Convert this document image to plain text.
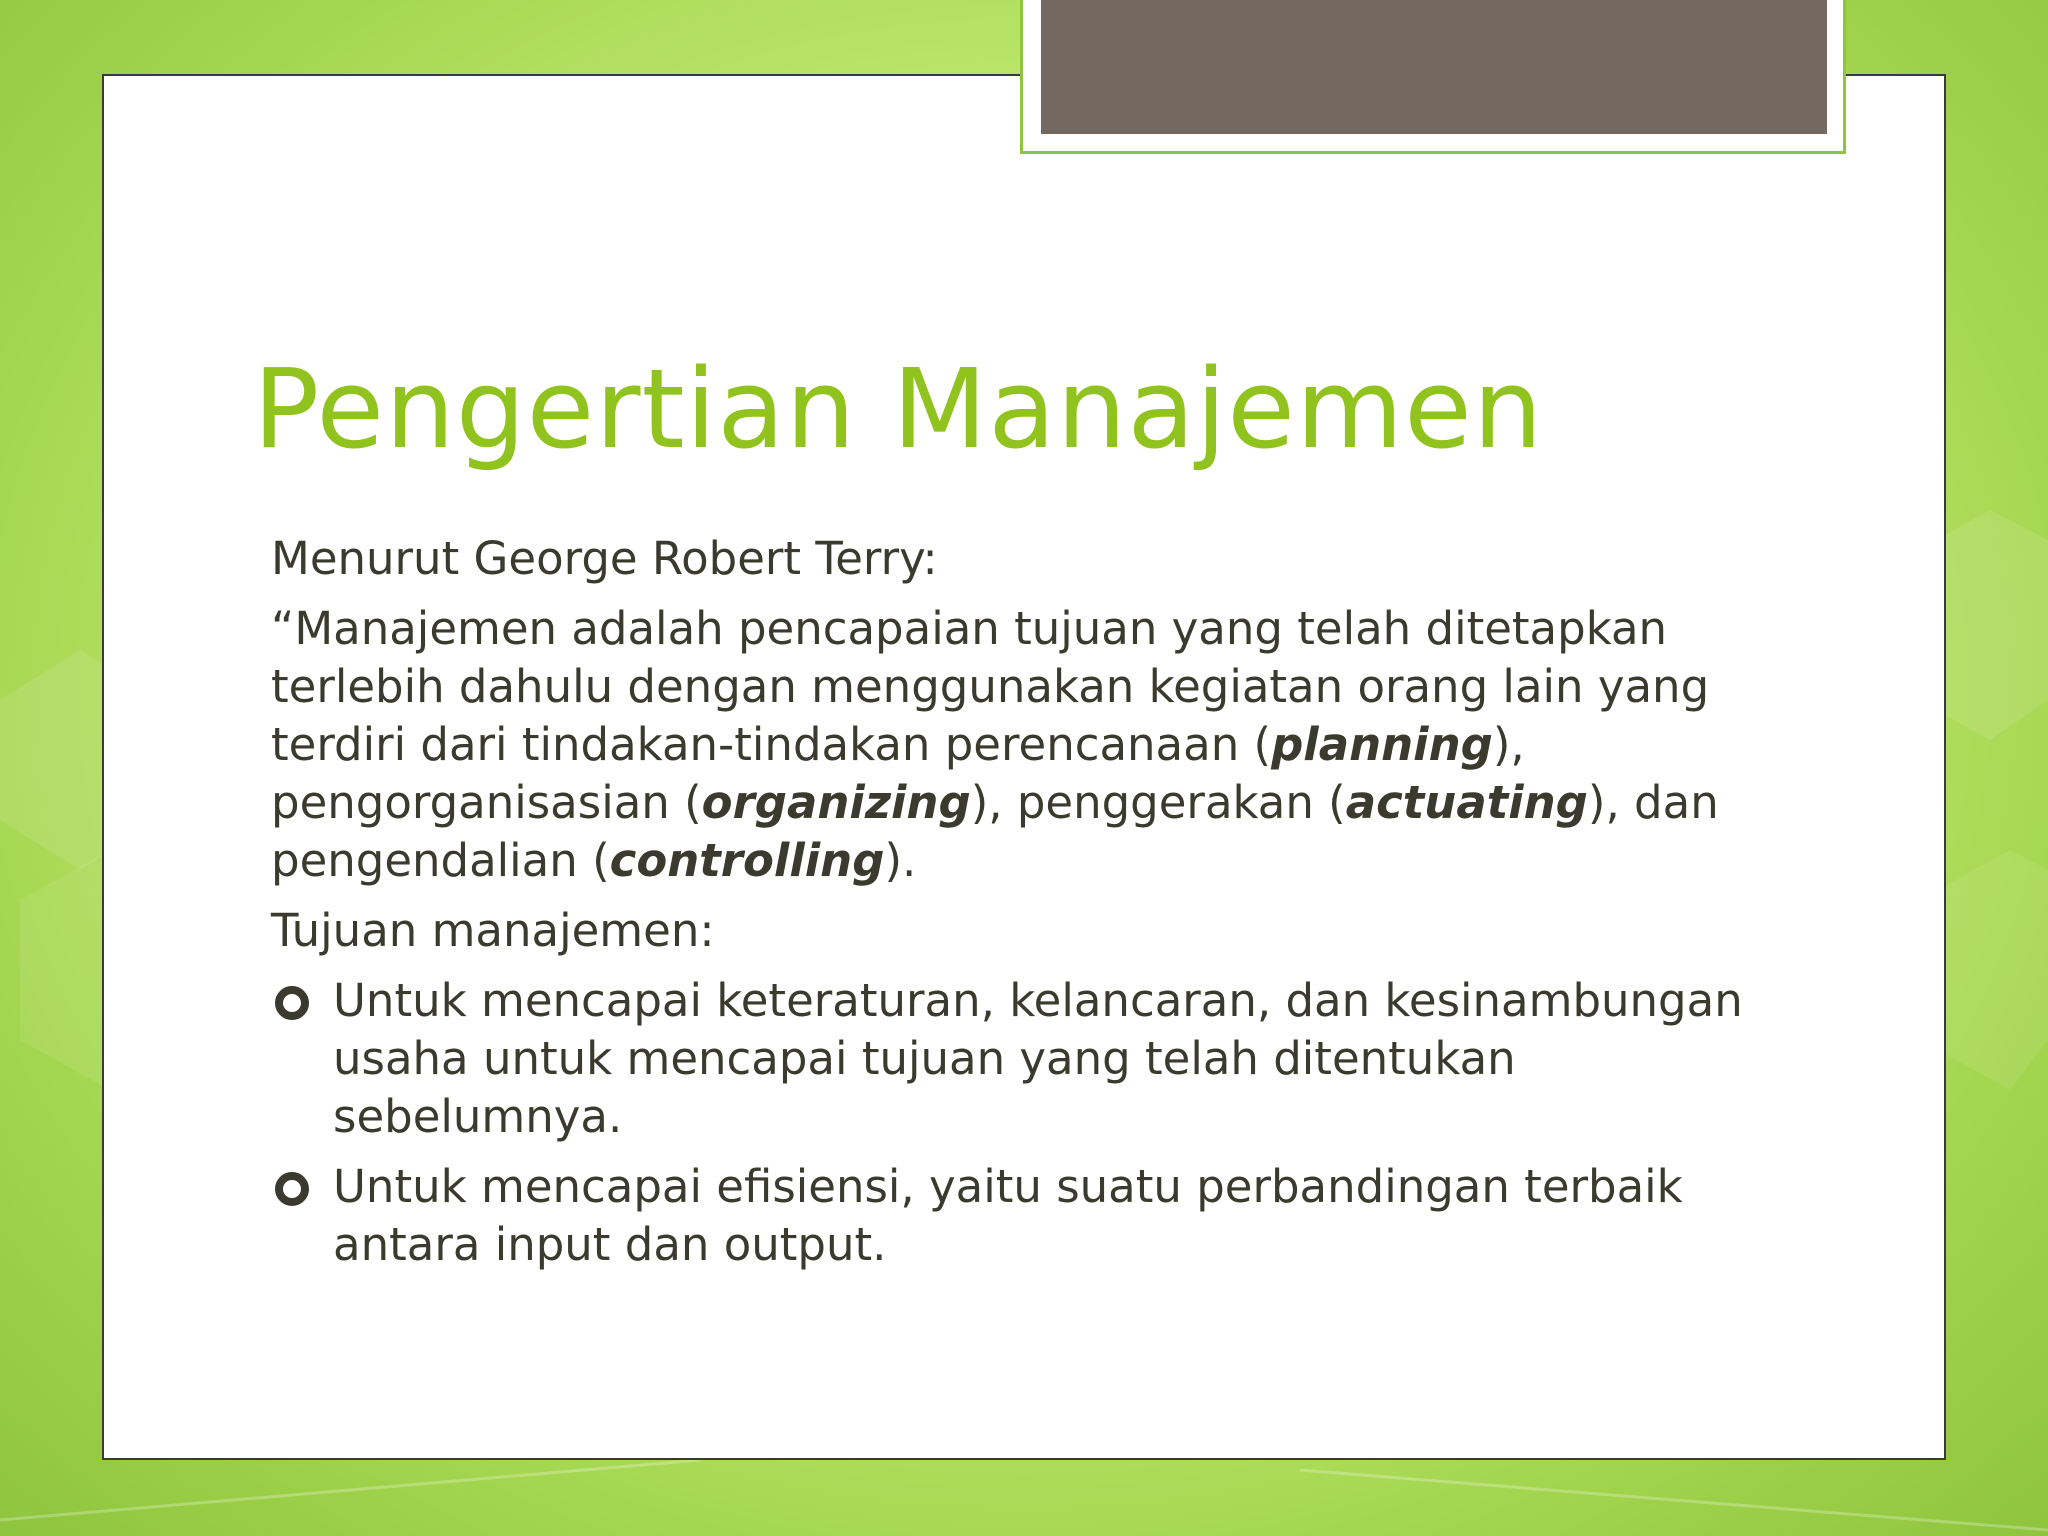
Pengertian Manajemen

Menurut George Robert Terry:

“Manajemen adalah pencapaian tujuan yang telah ditetapkan terlebih dahulu dengan menggunakan kegiatan orang lain yang terdiri dari tindakan-tindakan perencanaan (planning), pengorganisasian (organizing), penggerakan (actuating), dan pengendalian (controlling).

Tujuan manajemen:

Untuk mencapai keteraturan, kelancaran, dan kesinambungan usaha untuk mencapai tujuan yang telah ditentukan sebelumnya.
Untuk mencapai efisiensi, yaitu suatu perbandingan terbaik antara input dan output.
